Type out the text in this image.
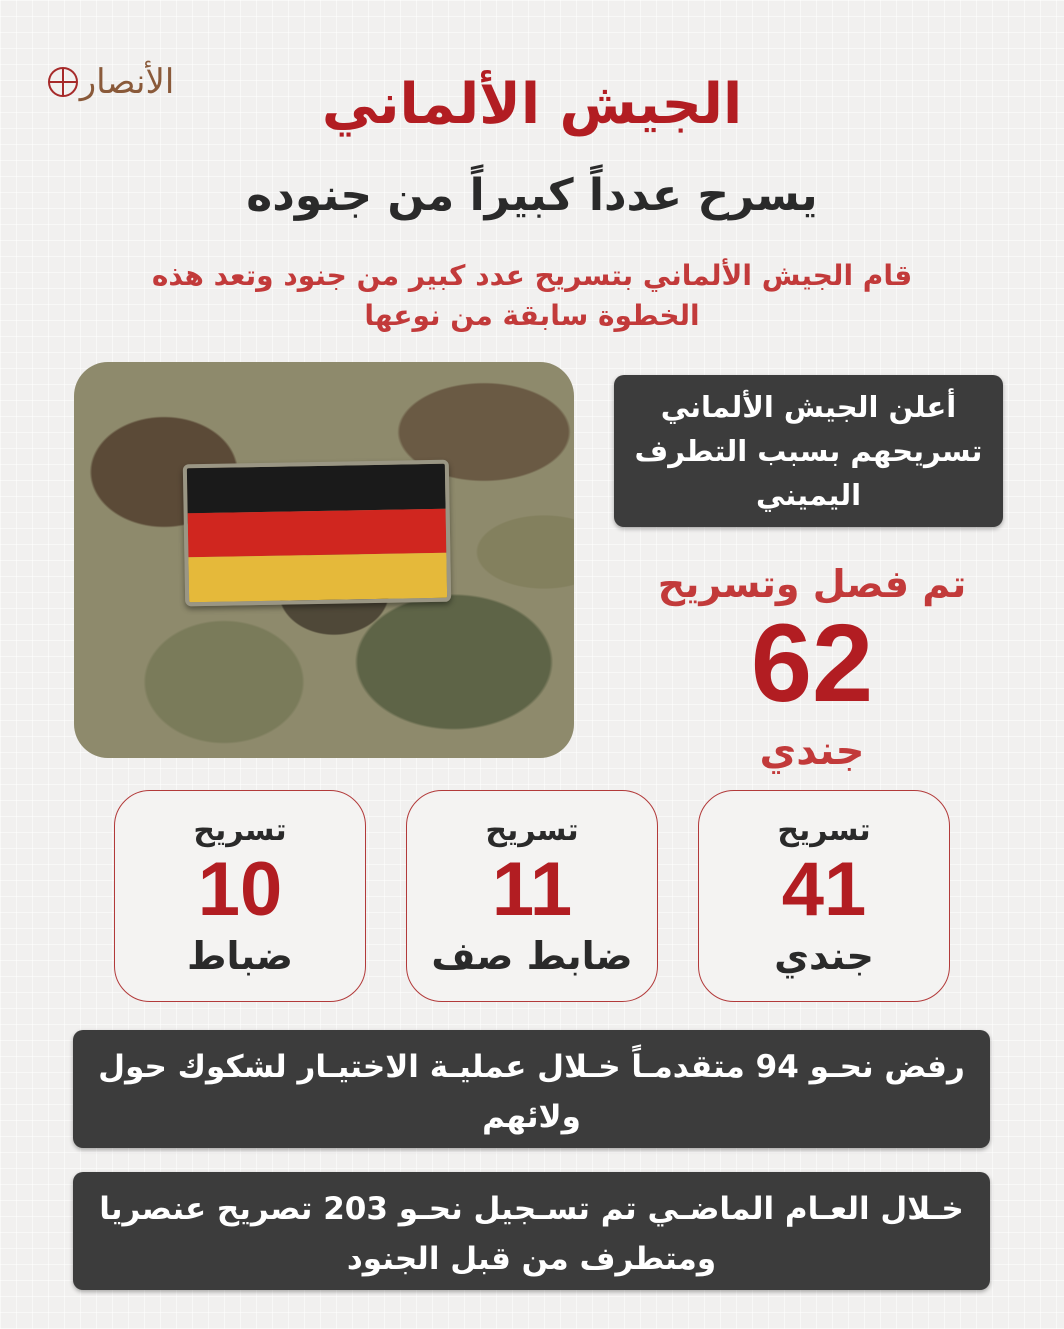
الأنصار	الجيش الألماني
يسرح عدداً كبيراً من جنوده
قام الجيش الألماني بتسريح عدد كبير من جنود وتعد هذه الخطوة سابقة من نوعها
أعلن الجيش الألماني تسريحهم بسبب التطرف اليميني
تم فصل وتسريح
62
جندي
تسريح
41
جندي
تسريح
11
ضابط صف
تسريح
10
ضباط
رفض نحـو 94 متقدمـاً خـلال عمليـة الاختيـار لشكوك حول ولائهم
خـلال العـام الماضـي تم تسـجيل نحـو 203 تصريح عنصريا ومتطرف من قبل الجنود
